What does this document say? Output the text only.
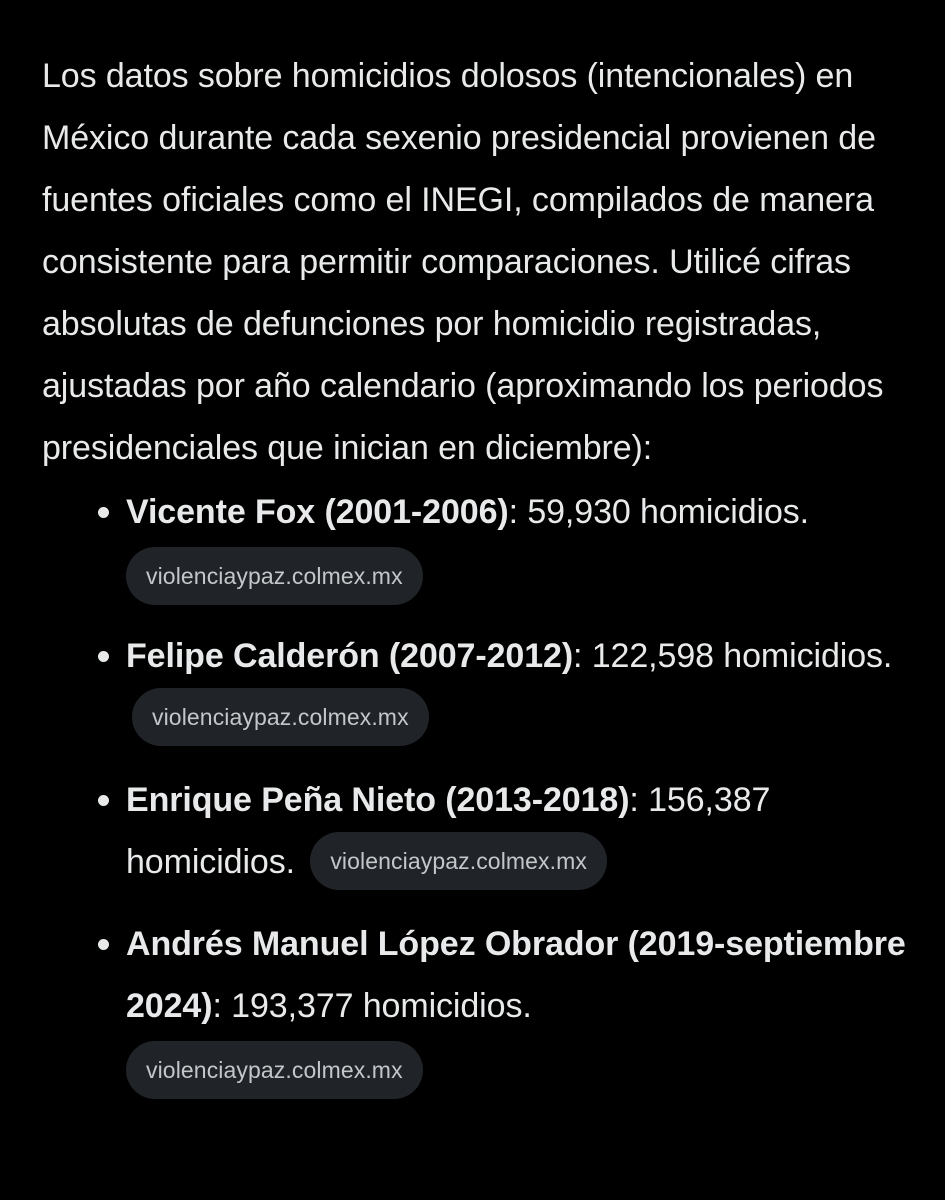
Los datos sobre homicidios dolosos (intencionales) en México durante cada sexenio presidencial provienen de fuentes oficiales como el INEGI, compilados de manera consistente para permitir comparaciones. Utilicé cifras absolutas de defunciones por homicidio registradas, ajustadas por año calendario (aproximando los periodos presidenciales que inician en diciembre):

Vicente Fox (2001-2006): 59,930 homicidios.
violenciaypaz.colmex.mx
Felipe Calderón (2007-2012): 122,598 homicidios. violenciaypaz.colmex.mx
Enrique Peña Nieto (2013-2018): 156,387 homicidios. violenciaypaz.colmex.mx
Andrés Manuel López Obrador (2019-septiembre 2024): 193,377 homicidios.
violenciaypaz.colmex.mx
